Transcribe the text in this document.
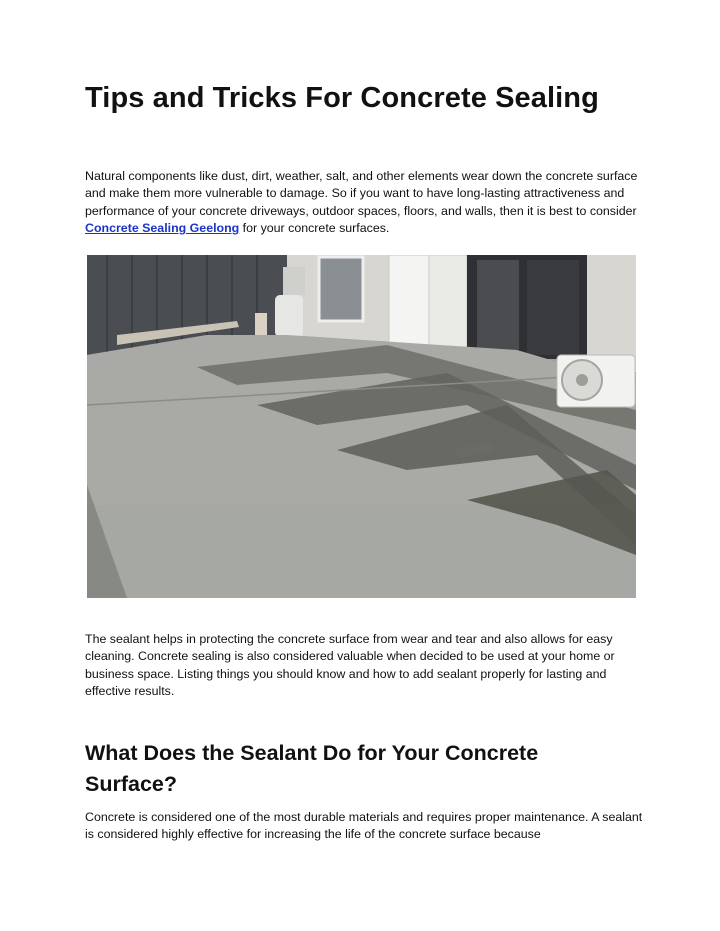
Tips and Tricks For Concrete Sealing

Natural components like dust, dirt, weather, salt, and other elements wear down the concrete surface and make them more vulnerable to damage. So if you want to have long-lasting attractiveness and performance of your concrete driveways, outdoor spaces, floors, and walls, then it is best to consider Concrete Sealing Geelong for your concrete surfaces.

The sealant helps in protecting the concrete surface from wear and tear and also allows for easy cleaning. Concrete sealing is also considered valuable when decided to be used at your home or business space. Listing things you should know and how to add sealant properly for lasting and effective results.

What Does the Sealant Do for Your Concrete Surface?

Concrete is considered one of the most durable materials and requires proper maintenance. A sealant is considered highly effective for increasing the life of the concrete surface because
